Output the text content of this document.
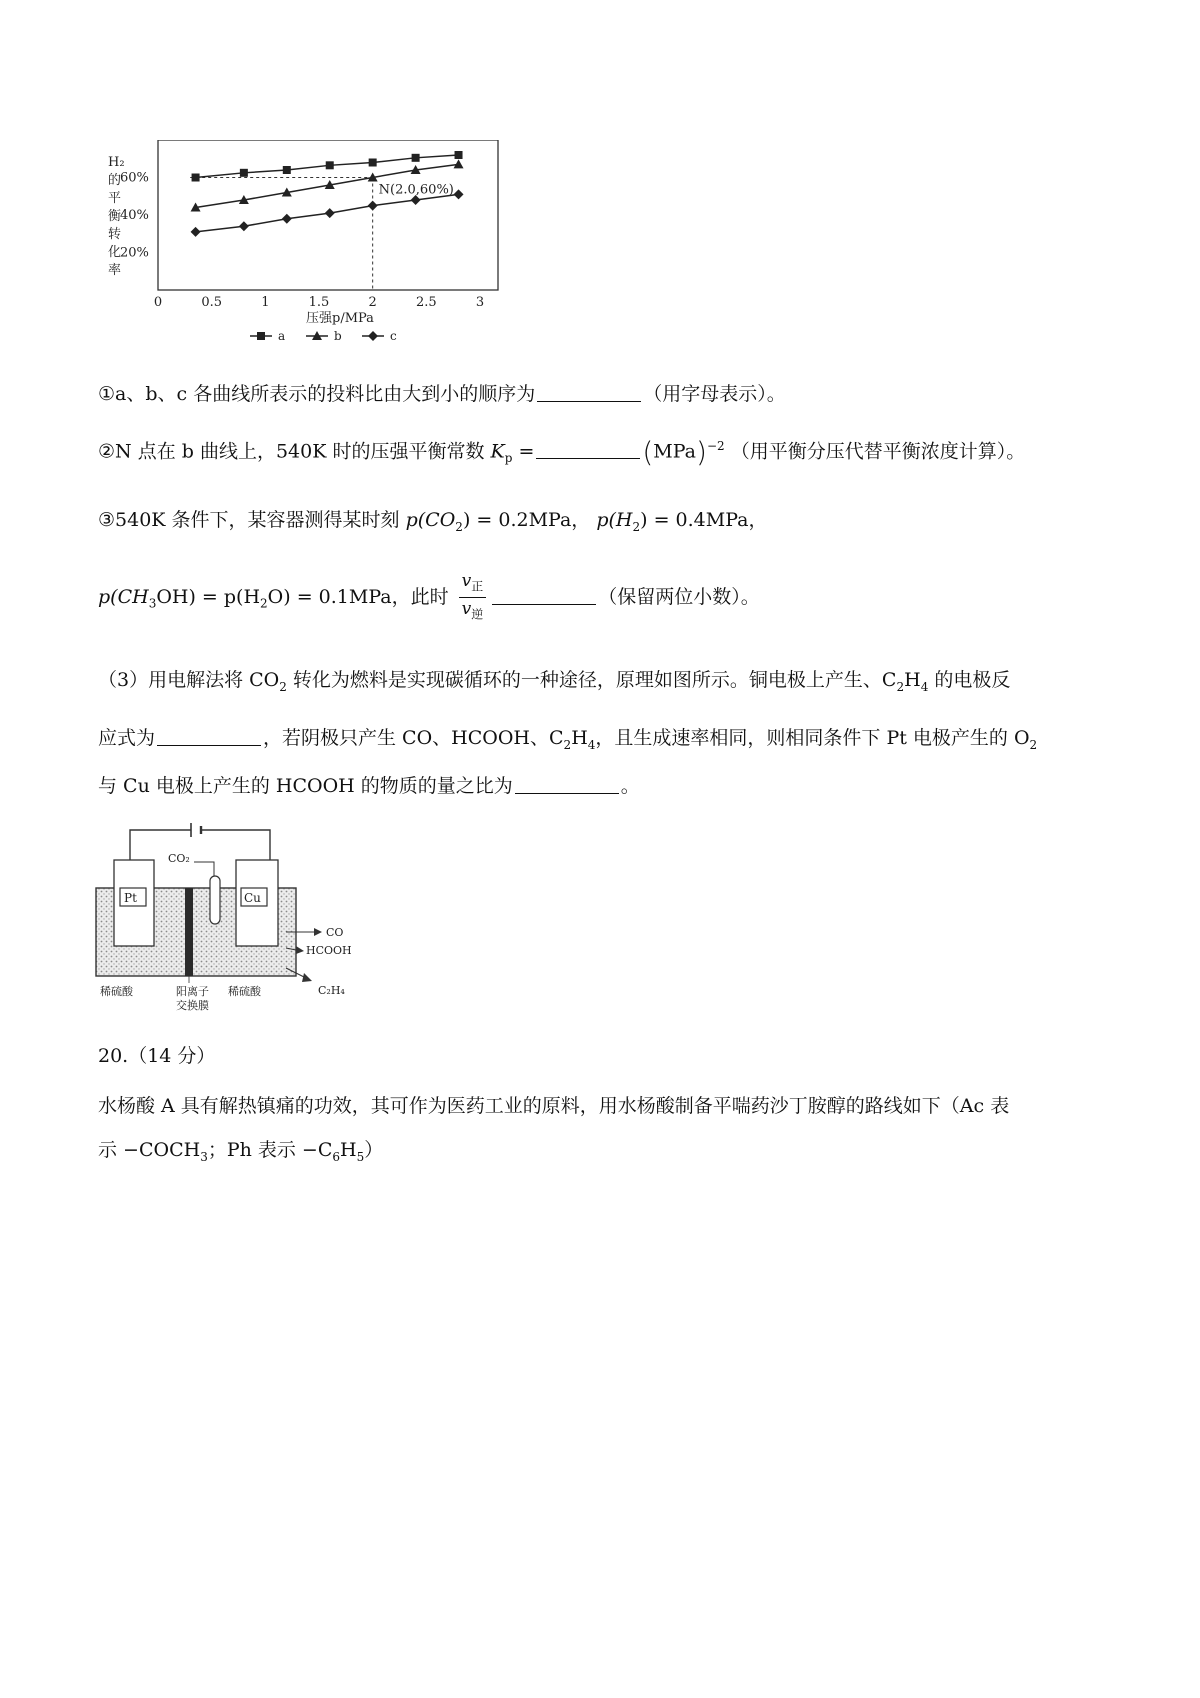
H₂
的
平
衡
转
化
率
20%
40%
60%
0	0.5	1	1.5	2	2.5	3
N(2.0,60%)
压强p/MPa
a	b	c
①a、b、c 各曲线所表示的投料比由大到小的顺序为	（用字母表示）。
②N 点在 b 曲线上，540K 时的压强平衡常数 $K_p$ =	(MPa)$^{-2}$ （用平衡分压代替平衡浓度计算）。
③540K 条件下，某容器测得某时刻 $p(CO_2) = 0.2MPa$， $p(H_2) = 0.4MPa$，
$p(CH_3OH) = p(H_2O) = 0.1MPa$，此时 $\frac{v_正}{v_逆}$	（保留两位小数）。
（3）用电解法将 $CO_2$ 转化为燃料是实现碳循环的一种途径，原理如图所示。铜电极上产生、$C_2H_4$ 的电极反
应式为	，若阴极只产生 CO、HCOOH、$C_2H_4$，且生成速率相同，则相同条件下 Pt 电极产生的 $O_2$
与 Cu 电极上产生的 HCOOH 的物质的量之比为	。
Pt	Cu
CO₂
CO
HCOOH
C₂H₄
稀硫酸	阳离子
交换膜
稀硫酸
20.（14 分）
水杨酸 A 具有解热镇痛的功效，其可作为医药工业的原料，用水杨酸制备平喘药沙丁胺醇的路线如下（Ac 表
示 $-COCH_3$；Ph 表示 $-C_6H_5$）
